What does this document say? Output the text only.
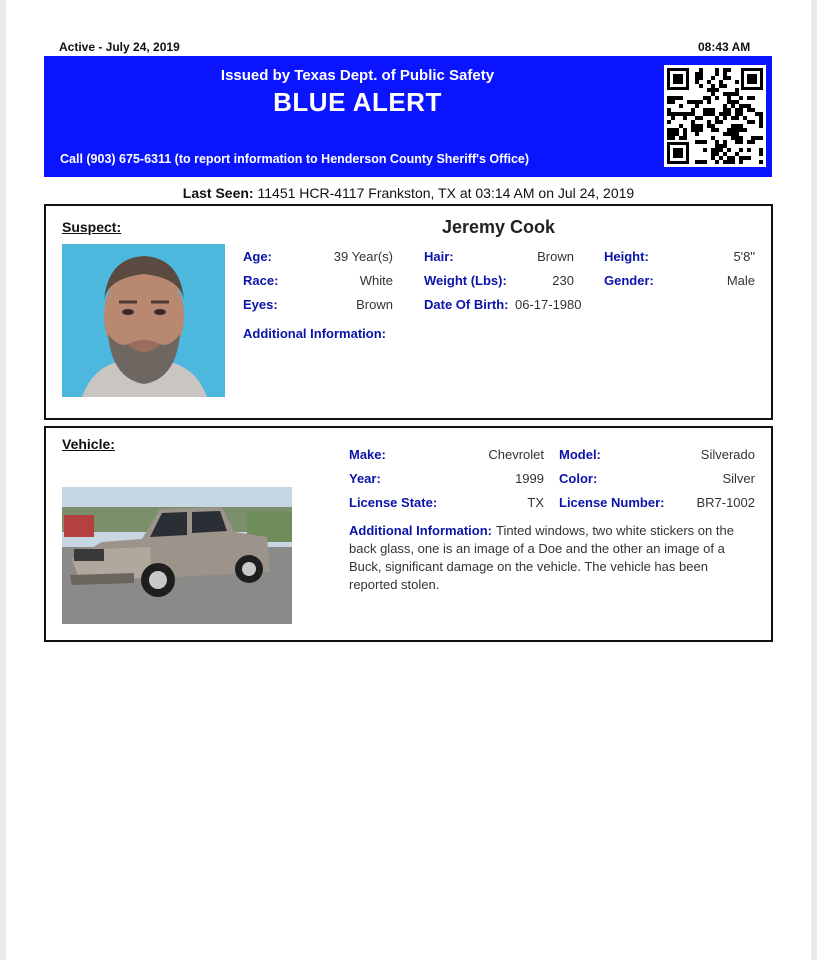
Active - July 24, 2019	08:43 AM
Issued by Texas Dept. of Public Safety
BLUE ALERT
Call (903) 675-6311 (to report information to Henderson County Sheriff's Office)
Last Seen: 11451 HCR-4117 Frankston, TX at 03:14 AM on Jul 24, 2019
Suspect:	Jeremy Cook
Age:	39 Year(s) Hair:	Brown Height:	5'8"
Race:	White Weight (Lbs):	230 Gender:	Male
Eyes:	Brown Date Of Birth: 06-17-1980
Additional Information:
Vehicle:
Make:	Chevrolet Model:	Silverado
Year:	1999 Color:	Silver
License State:	TX License Number:	BR7-1002
Additional Information: Tinted windows, two white stickers on the back glass, one is an image of a Doe and the other an image of a Buck, significant damage on the vehicle. The vehicle has been reported stolen.
